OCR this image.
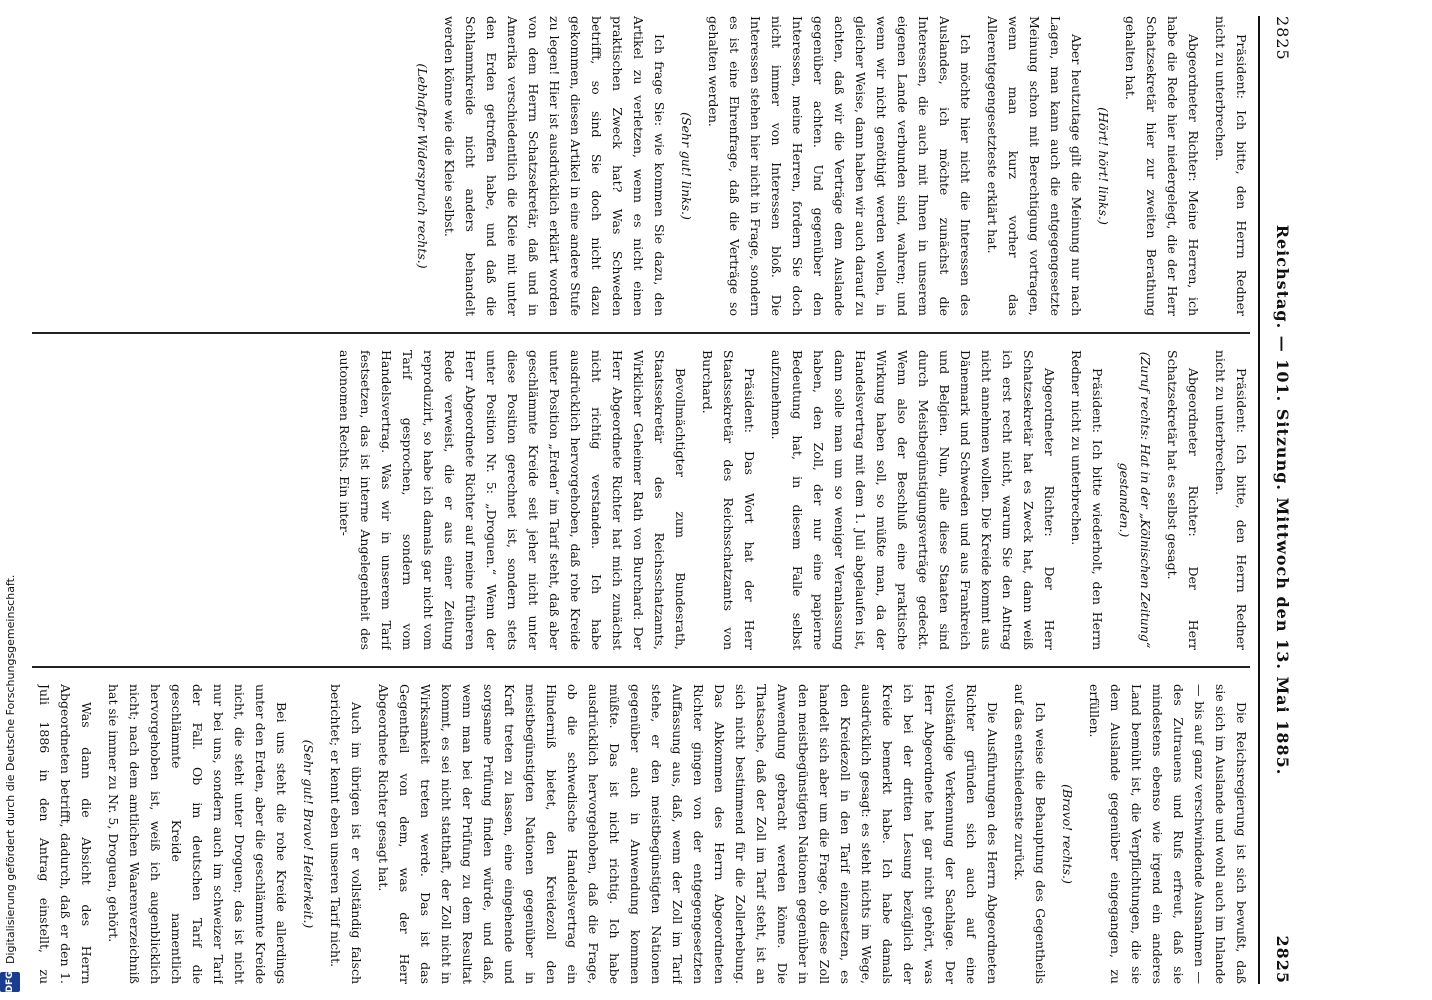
2825
Reichstag. — 101. Sitzung. Mittwoch den 13. Mai 1885.
2825

Präsident: Ich bitte, den Herrn Redner nicht zu unterbrechen.

Abgeordneter Richter: Meine Herren, ich habe die Rede hier niedergelegt, die der Herr Schatzsekretär hier zur zweiten Berathung gehalten hat.

(Hört! hört! links.)

Aber heutzutage gilt die Meinung nur nach Lagen, man kann auch die entgegengesetzte Meinung schon mit Berechtigung vortragen, wenn man kurz vorher das Allerentgegengesetzteste erklärt hat.

Ich möchte hier nicht die Interessen des Auslandes, ich möchte zunächst die Interessen, die auch mit Ihnen in unserem eigenen Lande verbunden sind, wahren; und wenn wir nicht genöthigt werden wollen, in gleicher Weise, dann haben wir auch darauf zu achten, daß wir die Verträge dem Auslande gegenüber achten. Und gegenüber den Interessen, meine Herren, fordern Sie doch nicht immer von Interessen bloß. Die Interessen stehen hier nicht in Frage, sondern es ist eine Ehrenfrage, daß die Verträge so gehalten werden.

(Sehr gut! links.)

Ich frage Sie: wie kommen Sie dazu, den Artikel zu verletzen, wenn es nicht einen praktischen Zweck hat? Was Schweden betrifft, so sind Sie doch nicht dazu gekommen, diesen Artikel in eine andere Stufe zu legen! Hier ist ausdrücklich erklärt worden von dem Herrn Schatzsekretär, daß und in Amerika verschiedentlich die Kleie mit unter den Erden getroffen habe, und daß die Schlammkreide nicht anders behandelt werden könne wie die Kleie selbst.

(Lebhafter Widerspruch rechts.)

Präsident: Ich bitte, den Herrn Redner nicht zu unterbrechen.

Abgeordneter Richter: Der Herr Schatzsekretär hat es selbst gesagt.

(Zuruf rechts: Hat in der „Kölnischen Zeitung“ gestanden.)

Präsident: Ich bitte wiederholt, den Herrn Redner nicht zu unterbrechen.

Abgeordneter Richter: Der Herr Schatzsekretär hat es Zweck hat, dann weiß ich erst recht nicht, warum Sie den Antrag nicht annehmen wollen. Die Kreide kommt aus Dänemark und Schweden und aus Frankreich und Belgien. Nun, alle diese Staaten sind durch Meistbegünstigungsverträge gedeckt. Wenn also der Beschluß eine praktische Wirkung haben soll, so müßte man, da der Handelsvertrag mit dem 1. Juli abgelaufen ist, dann solle man um so weniger Veranlassung haben, den Zoll, der nur eine papierne Bedeutung hat, in diesem Falle selbst aufzunehmen.

Präsident: Das Wort hat der Herr Staatssekretär des Reichsschatzamts von Burchard.

Bevollmächtigter zum Bundesrath, Staatssekretär des Reichsschatzamts, Wirklicher Geheimer Rath von Burchard: Der Herr Abgeordnete Richter hat mich zunächst nicht richtig verstanden. Ich habe ausdrücklich hervorgehoben, daß rohe Kreide unter Position „Erden“ im Tarif steht, daß aber geschlämmte Kreide seit jeher nicht unter diese Position gerechnet ist, sondern stets unter Position Nr. 5: „Droguen.“ Wenn der Herr Abgeordnete Richter auf meine früheren Rede verweist, die er aus einer Zeitung reproduzirt, so habe ich damals gar nicht vom Tarif gesprochen, sondern vom Handelsvertrag. Was wir in unserem Tarif festsetzen, das ist interne Angelegenheit des autonomen Rechts. Ein inter-

Die Reichsregierung ist sich bewußt, daß sie sich im Auslande und wohl auch im Inlande — bis auf ganz verschwindende Ausnahmen — des Zutrauens und Rufs erfreut, daß sie mindestens ebenso wie irgend ein anderes Land bemüht ist, die Verpflichtungen, die sie dem Auslande gegenüber eingegangen, zu erfüllen.

(Bravo! rechts.)

Ich weise die Behauptung des Gegentheils auf das entschiedenste zurück.

Die Ausführungen des Herrn Abgeordneten Richter gründen sich auch auf eine vollständige Verkennung der Sachlage. Der Herr Abgeordnete hat gar nicht gehört, was ich bei der dritten Lesung bezüglich der Kreide bemerkt habe. Ich habe damals ausdrücklich gesagt: es steht nichts im Wege, den Kreidezoll in den Tarif einzusetzen, es handelt sich aber um die Frage, ob diese Zoll den meistbegünstigten Nationen gegenüber in Anwendung gebracht werden könne. Die Thatsache, daß der Zoll im Tarif steht, ist an sich nicht bestimmend für die Zollerhebung. Das Abkommen des Herrn Abgeordneten Richter gingen von der entgegengesetzten Auffassung aus, daß, wenn der Zoll im Tarif stehe, er den meistbegünstigten Nationen gegenüber auch in Anwendung kommen müßte. Das ist nicht richtig. Ich habe ausdrücklich hervorgehoben, daß die Frage, ob die schwedische Handelsvertrag ein Hinderniß bietet, den Kreidezoll den meistbegünstigten Nationen gegenüber in Kraft treten zu lassen, eine eingehende und sorgsame Prüfung finden würde, und daß, wenn man bei der Prüfung zu dem Resultat kommt, es sei nicht statthaft, der Zoll nicht in Wirksamkeit treten werde. Das ist das Gegentheil von dem, was der Herr Abgeordnete Richter gesagt hat.

Auch im übrigen ist er vollständig falsch berichtet; er kennt eben unseren Tarif nicht.

(Sehr gut! Bravo! Heiterkeit.)

Bei uns steht die rohe Kreide allerdings unter den Erden, aber die geschlämmte Kreide nicht, die steht unter Droguen; das ist nicht nur bei uns, sondern auch im schweizer Tarif der Fall. Ob im deutschen Tarif die geschlämmte Kreide namentlich hervorgehoben ist, weiß ich augenblicklich nicht; nach dem amtlichen Waarenverzeichniß hat sie immer zu Nr. 5, Droguen, gehört.

Was dann die Absicht des Herrn Abgeordneten betrifft, dadurch, daß er den 1. Juli 1886 in den Antrag einstellt, zu

DFG
Digitalisierung gefördert durch die Deutsche Forschungsgemeinschaft.
